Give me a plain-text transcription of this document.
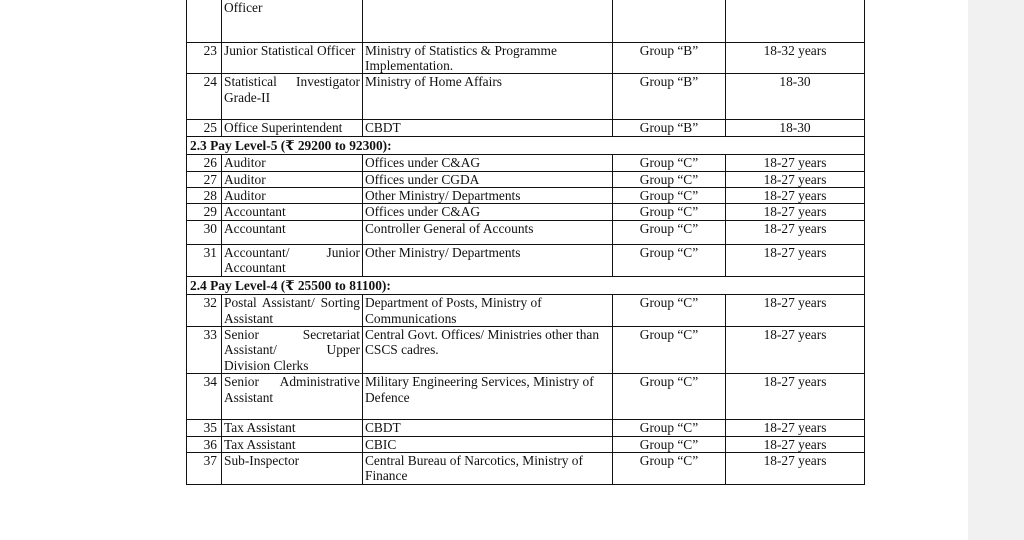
	Officer			
23	Junior Statistical Officer	Ministry of Statistics & Programme Implementation.	Group “B”	18-32 years
24	Statistical Investigator Grade-II	Ministry of Home Affairs	Group “B”	18-30
25	Office Superintendent	CBDT	Group “B”	18-30
2.3 Pay Level-5 (₹ 29200 to 92300):				
26	Auditor	Offices under C&AG	Group “C”	18-27 years
27	Auditor	Offices under CGDA	Group “C”	18-27 years
28	Auditor	Other Ministry/ Departments	Group “C”	18-27 years
29	Accountant	Offices under C&AG	Group “C”	18-27 years
30	Accountant	Controller General of Accounts	Group “C”	18-27 years
31	Accountant/ Junior Accountant	Other Ministry/ Departments	Group “C”	18-27 years
2.4 Pay Level-4 (₹ 25500 to 81100):				
32	Postal Assistant/ Sorting Assistant	Department of Posts, Ministry of Communications	Group “C”	18-27 years
33	Senior Secretariat Assistant/ Upper Division Clerks	Central Govt. Offices/ Ministries other than CSCS cadres.	Group “C”	18-27 years
34	Senior Administrative Assistant	Military Engineering Services, Ministry of Defence	Group “C”	18-27 years
35	Tax Assistant	CBDT	Group “C”	18-27 years
36	Tax Assistant	CBIC	Group “C”	18-27 years
37	Sub-Inspector	Central Bureau of Narcotics, Ministry of Finance	Group “C”	18-27 years
